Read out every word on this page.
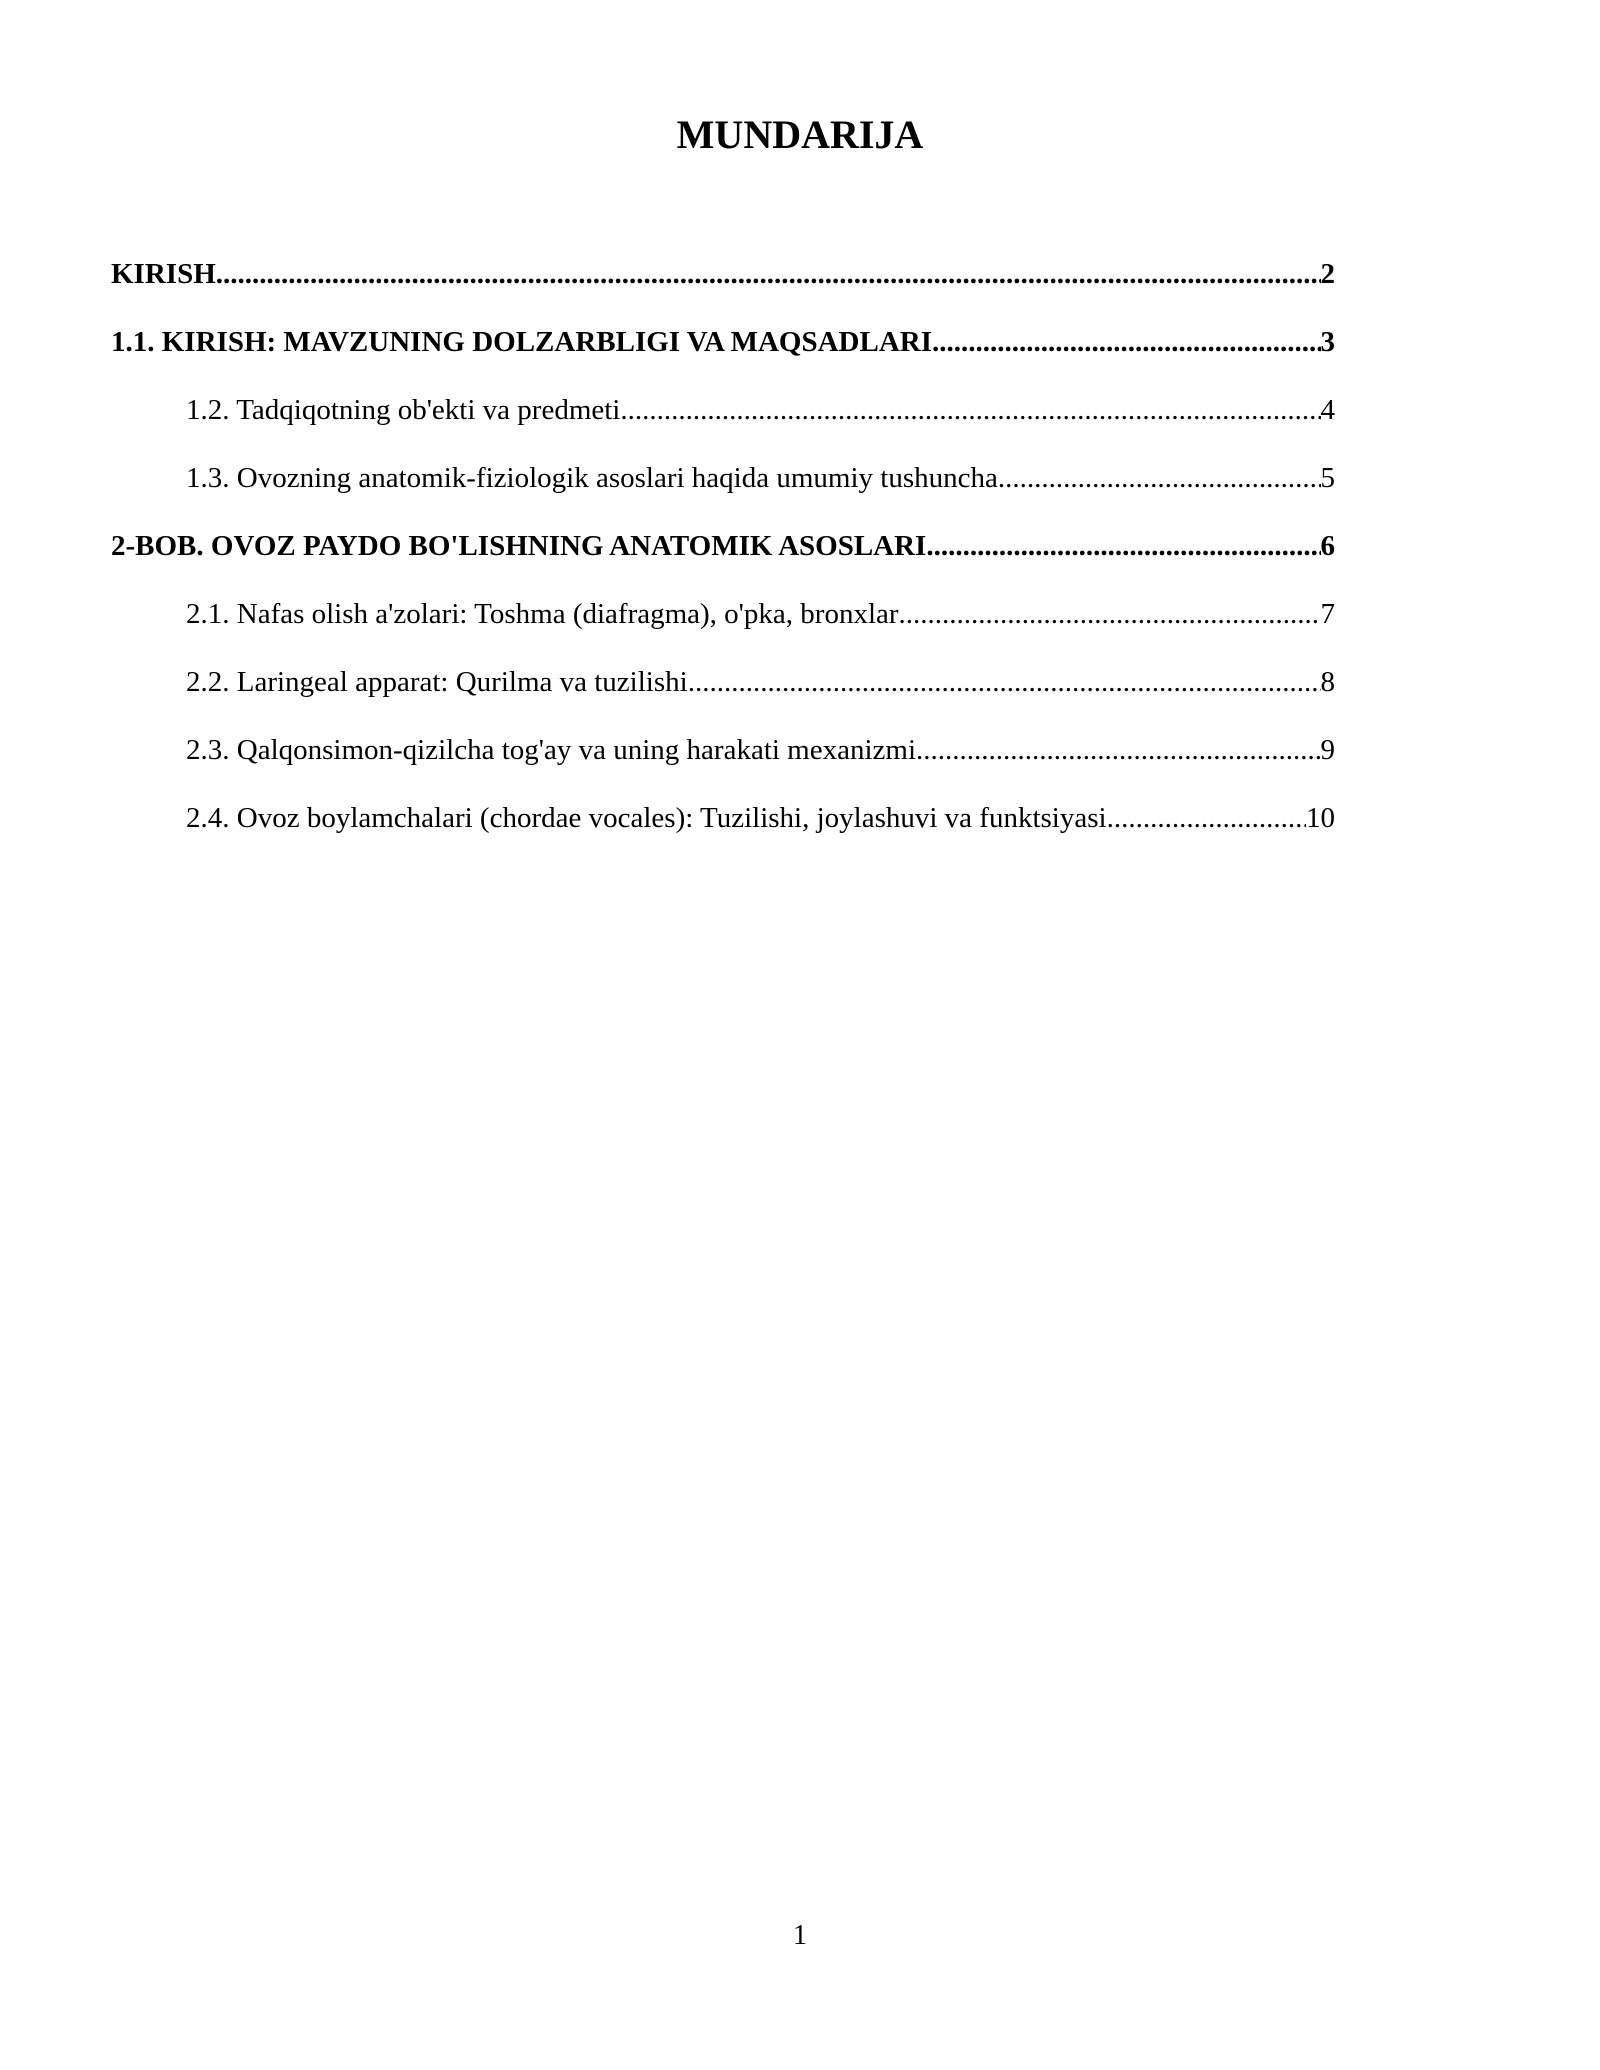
MUNDARIJA
KIRISH .....	2
1.1. KIRISH: MAVZUNING DOLZARBLIGI VA MAQSADLARI .....	3
1.2. Tadqiqotning ob'ekti va predmeti .....	4
1.3. Ovozning anatomik-fiziologik asoslari haqida umumiy tushuncha .....	5
2-BOB. OVOZ PAYDO BO'LISHNING ANATOMIK ASOSLARI .....	6
2.1. Nafas olish a'zolari: Toshma (diafragma), o'pka, bronxlar .....	7
2.2. Laringeal apparat: Qurilma va tuzilishi .....	8
2.3. Qalqonsimon-qizilcha tog'ay va uning harakati mexanizmi .....	9
2.4. Ovoz boylamchalari (chordae vocales): Tuzilishi, joylashuvi va funktsiyasi .....	10
1
